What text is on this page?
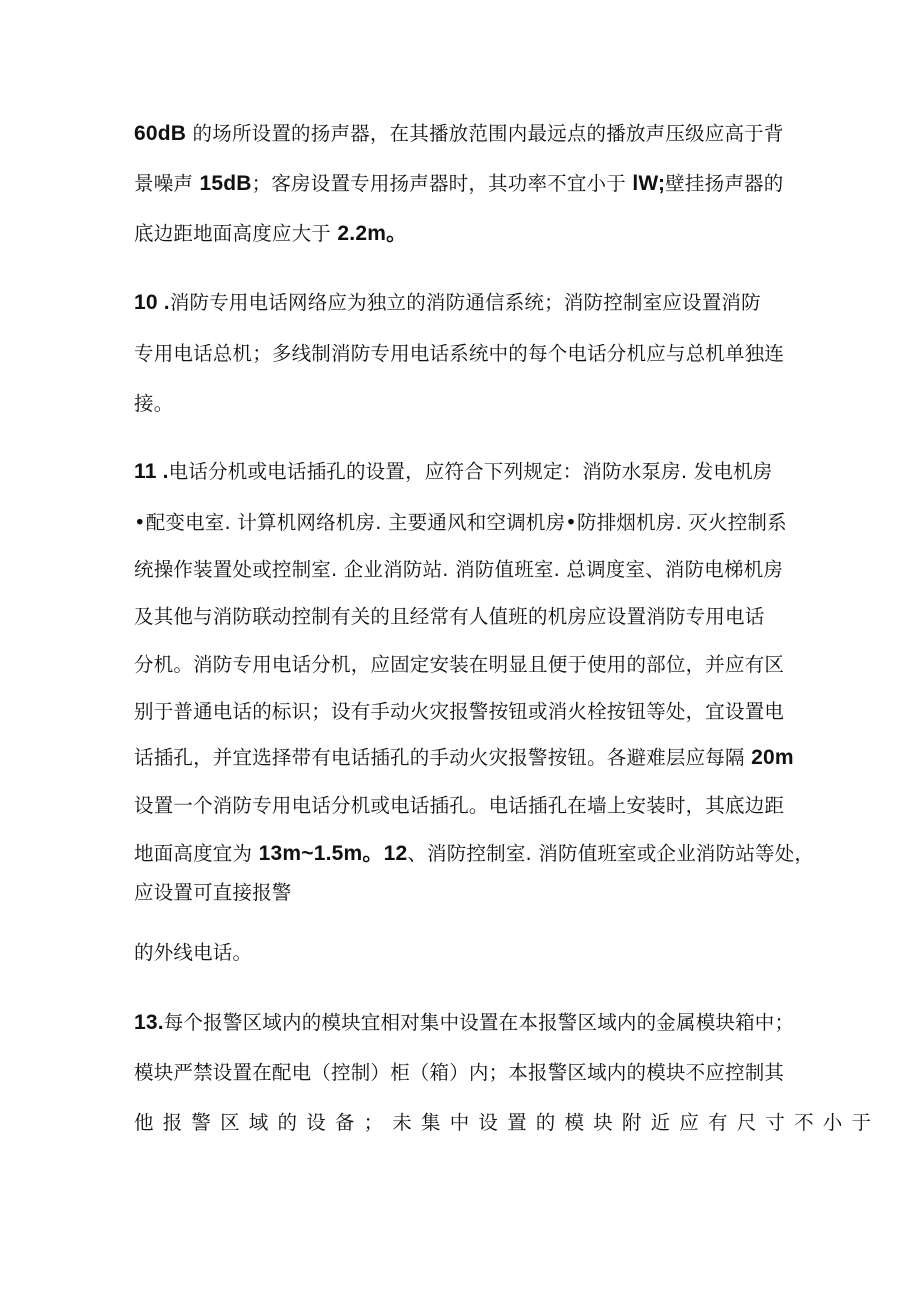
60dB 的场所设置的扬声器，在其播放范围内最远点的播放声压级应高于背
景噪声 15dB；客房设置专用扬声器时，其功率不宜小于 lW;壁挂扬声器的
底边距地面高度应大于 2.2m。
10 .消防专用电话网络应为独立的消防通信系统；消防控制室应设置消防
专用电话总机；多线制消防专用电话系统中的每个电话分机应与总机单独连
接。
11 .电话分机或电话插孔的设置，应符合下列规定：消防水泵房. 发电机房
•配变电室. 计算机网络机房. 主要通风和空调机房•防排烟机房. 灭火控制系
统操作装置处或控制室. 企业消防站. 消防值班室. 总调度室、消防电梯机房
及其他与消防联动控制有关的且经常有人值班的机房应设置消防专用电话
分机。消防专用电话分机，应固定安装在明显且便于使用的部位，并应有区
别于普通电话的标识；设有手动火灾报警按钮或消火栓按钮等处，宜设置电
话插孔，并宜选择带有电话插孔的手动火灾报警按钮。各避难层应每隔 20m
设置一个消防专用电话分机或电话插孔。电话插孔在墙上安装时，其底边距
地面高度宜为 13m~1.5m。12、消防控制室. 消防值班室或企业消防站等处，
应设置可直接报警
的外线电话。
13.每个报警区域内的模块宜相对集中设置在本报警区域内的金属模块箱中；
模块严禁设置在配电（控制）柜（箱）内；本报警区域内的模块不应控制其
他报警区域的设备；未集中设置的模块附近应有尺寸不小于
